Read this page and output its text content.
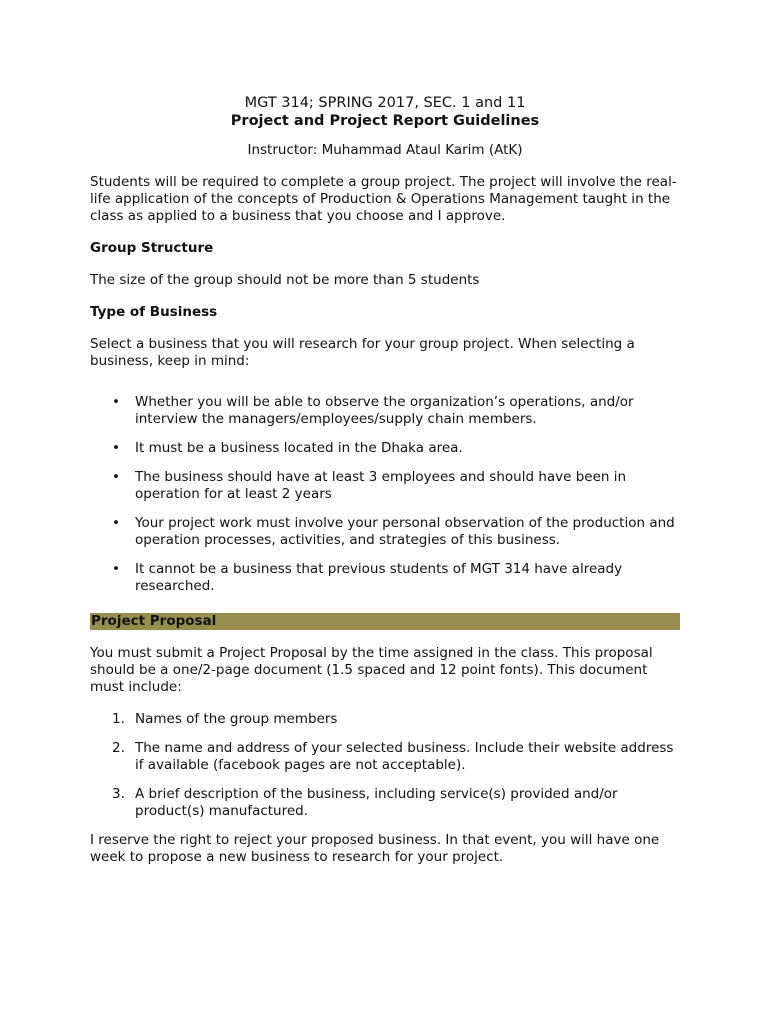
MGT 314; SPRING 2017, SEC. 1 and 11

Project and Project Report Guidelines

Instructor: Muhammad Ataul Karim (AtK)

Students will be required to complete a group project. The project will involve the real-life application of the concepts of Production & Operations Management taught in the class as applied to a business that you choose and I approve.

Group Structure

The size of the group should not be more than 5 students

Type of Business

Select a business that you will research for your group project. When selecting a business, keep in mind:

• Whether you will be able to observe the organization’s operations, and/or interview the managers/employees/supply chain members.
• It must be a business located in the Dhaka area.
• The business should have at least 3 employees and should have been in operation for at least 2 years
• Your project work must involve your personal observation of the production and operation processes, activities, and strategies of this business.
• It cannot be a business that previous students of MGT 314 have already researched.
Project Proposal

You must submit a Project Proposal by the time assigned in the class. This proposal should be a one/2-page document (1.5 spaced and 12 point fonts). This document must include:

1. Names of the group members
2. The name and address of your selected business. Include their website address if available (facebook pages are not acceptable).
3. A brief description of the business, including service(s) provided and/or product(s) manufactured.

I reserve the right to reject your proposed business. In that event, you will have one week to propose a new business to research for your project.
